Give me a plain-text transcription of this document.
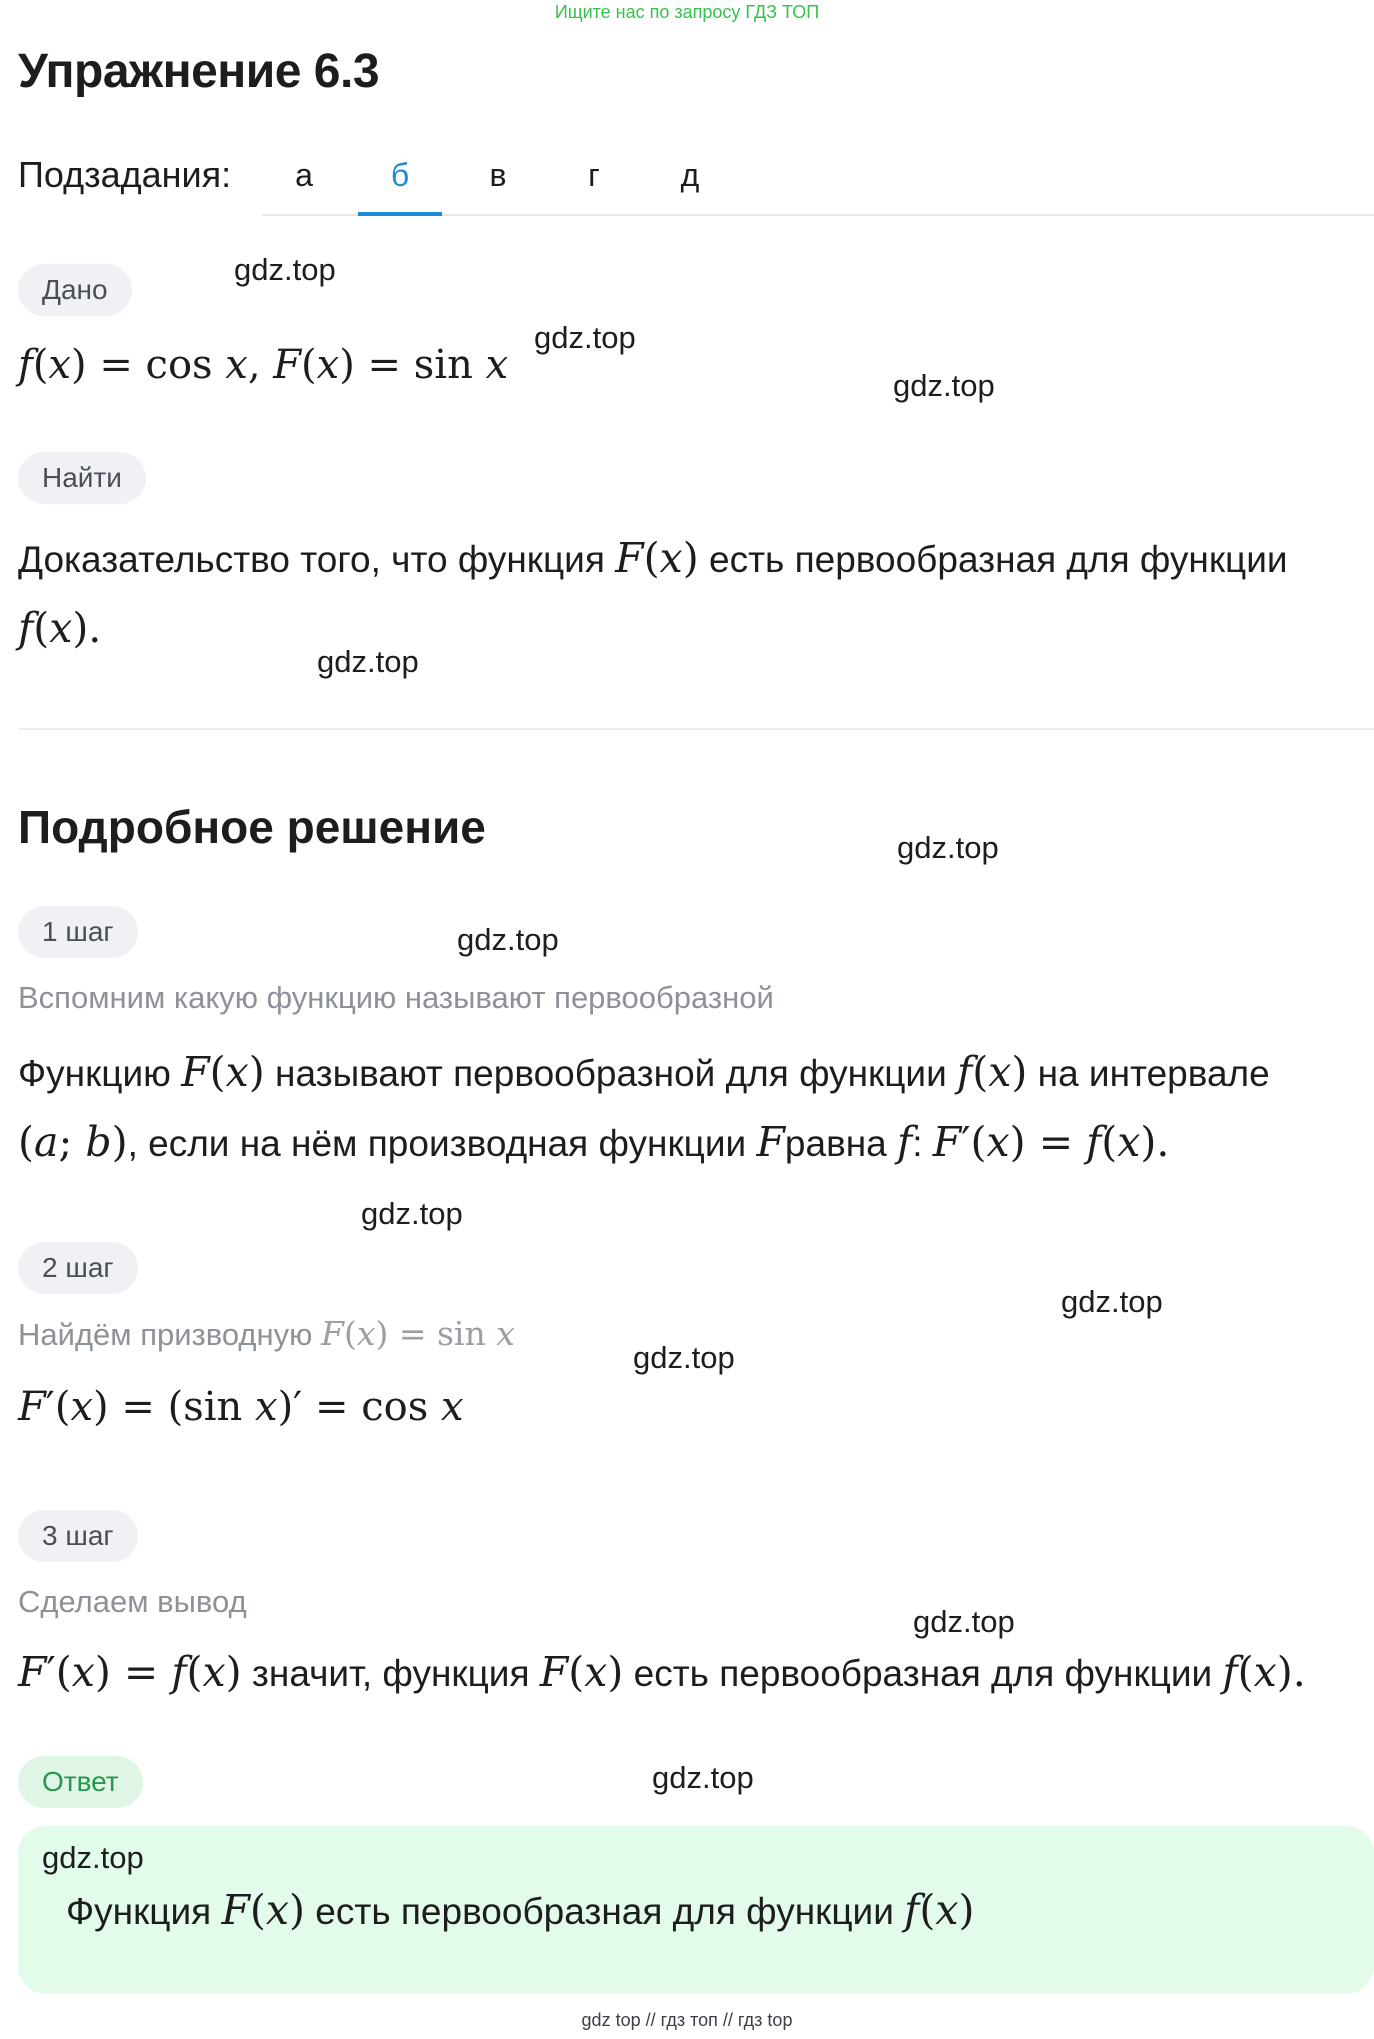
Ищите нас по запросу ГДЗ ТОП
Упражнение 6.3
Подзадания:	а	б	в	г	д
Дано
gdz.top
gdz.top
gdz.top
f(x) = cos x, F(x) = sin x
Найти
Доказательство того, что функция F(x) есть первообразная для функции
f(x).
gdz.top
Подробное решение	gdz.top
1 шаг	gdz.top
Вспомним какую функцию называют первообразной
Функцию F(x) называют первообразной для функции f(x) на интервале
(a; b), если на нём производная функции Fравна f: F′(x) = f(x).
gdz.top
2 шаг
gdz.top
Найдём призводную F(x) = sin x
gdz.top
F′(x) = (sin x)′ = cos x
3 шаг
Сделаем вывод
gdz.top
F′(x) = f(x) значит, функция F(x) есть первообразная для функции f(x).
Ответ	gdz.top
gdz.top
Функция F(x) есть первообразная для функции f(x)
gdz top // гдз топ // гдз top
